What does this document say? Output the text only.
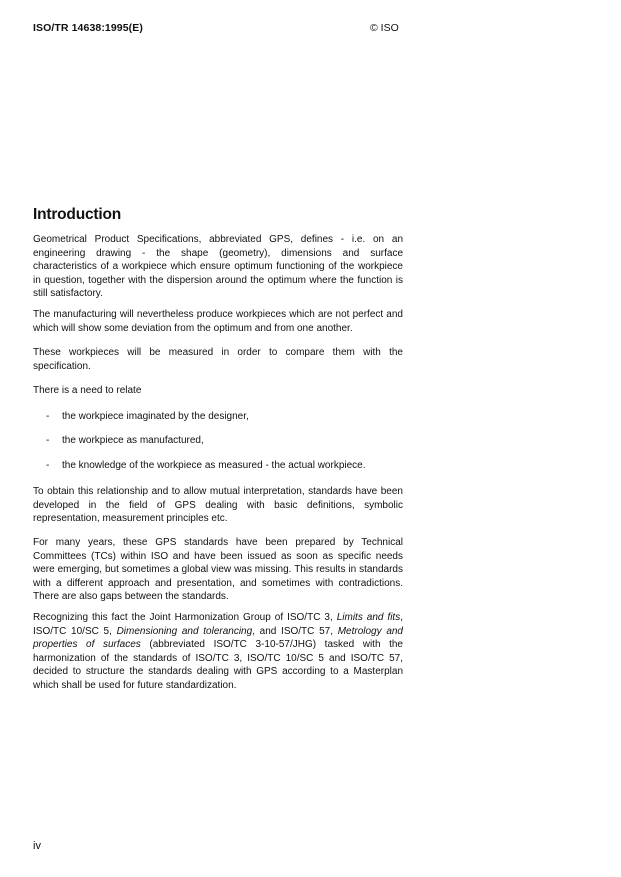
ISO/TR 14638:1995(E)	© ISO
Introduction

Geometrical Product Specifications, abbreviated GPS, defines - i.e. on an engineering drawing - the shape (geometry), dimensions and surface characteristics of a workpiece which ensure optimum functioning of the workpiece in question, together with the dispersion around the optimum where the function is still satisfactory.

The manufacturing will nevertheless produce workpieces which are not perfect and which will show some deviation from the optimum and from one another.

These workpieces will be measured in order to compare them with the specification.

There is a need to relate

- the workpiece imaginated by the designer,

- the workpiece as manufactured,

- the knowledge of the workpiece as measured - the actual workpiece.

To obtain this relationship and to allow mutual interpretation, standards have been developed in the field of GPS dealing with basic definitions, symbolic representation, measurement principles etc.

For many years, these GPS standards have been prepared by Technical Committees (TCs) within ISO and have been issued as soon as specific needs were emerging, but sometimes a global view was missing. This results in standards with a different approach and presentation, and sometimes with contradictions. There are also gaps between the standards.

Recognizing this fact the Joint Harmonization Group of ISO/TC 3, Limits and fits, ISO/TC 10/SC 5, Dimensioning and tolerancing, and ISO/TC 57, Metrology and properties of surfaces (abbreviated ISO/TC 3-10-57/JHG) tasked with the harmonization of the standards of ISO/TC 3, ISO/TC 10/SC 5 and ISO/TC 57, decided to structure the standards dealing with GPS according to a Masterplan which shall be used for future standardization.

iv
